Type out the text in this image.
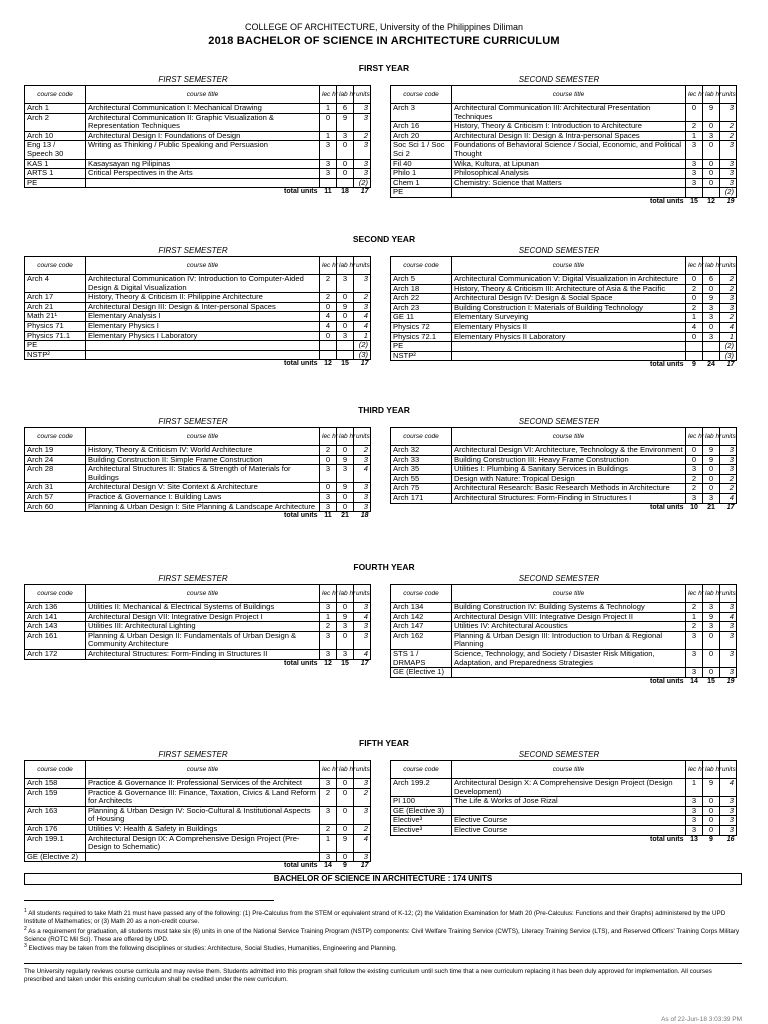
COLLEGE OF ARCHITECTURE, University of the Philippines Diliman
2018 BACHELOR OF SCIENCE IN ARCHITECTURE CURRICULUM
FIRST YEAR
FIRST SEMESTER	SECOND SEMESTER
course code	course title	lec hr	lab hr	units
Arch 1	Architectural Communication I: Mechanical Drawing	1	6	3
Arch 2	Architectural Communication II: Graphic Visualization & Representation Techniques	0	9	3
Arch 10	Architectural Design I: Foundations of Design	1	3	2
Eng 13 / Speech 30	Writing as Thinking / Public Speaking and Persuasion	3	0	3
KAS 1	Kasaysayan ng Pilipinas	3	0	3
ARTS 1	Critical Perspectives in the Arts	3	0	3
PE				(2)
	total units	11	18	17
course code	course title	lec hr	lab hr	units
Arch 3	Architectural Communication III: Architectural Presentation Techniques	0	9	3
Arch 16	History, Theory & Criticism I: Introduction to Architecture	2	0	2
Arch 20	Architectural Design II: Design & Intra-personal Spaces	1	3	2
Soc Sci 1 / Soc Sci 2	Foundations of Behavioral Science / Social, Economic, and Political Thought	3	0	3
Fil 40	Wika, Kultura, at Lipunan	3	0	3
Philo 1	Philosophical Analysis	3	0	3
Chem 1	Chemistry: Science that Matters	3	0	3
PE				(2)
	total units	15	12	19
SECOND YEAR
FIRST SEMESTER	SECOND SEMESTER
course code	course title	lec hr	lab hr	units
Arch 4	Architectural Communication IV: Introduction to Computer-Aided Design & Digital Visualization	2	3	3
Arch 17	History, Theory & Criticism II: Philippine Architecture	2	0	2
Arch 21	Architectural Design III: Design & Inter-personal Spaces	0	9	3
Math 21¹	Elementary Analysis I	4	0	4
Physics 71	Elementary Physics I	4	0	4
Physics 71.1	Elementary Physics I Laboratory	0	3	1
PE				(2)
NSTP²				(3)
	total units	12	15	17
course code	course title	lec hr	lab hr	units
Arch 5	Architectural Communication V: Digital Visualization in Architecture	0	6	2
Arch 18	History, Theory & Criticism III: Architecture of Asia & the Pacific	2	0	2
Arch 22	Architectural Design IV: Design & Social Space	0	9	3
Arch 23	Building Construction I: Materials of Building Technology	2	3	3
GE 11	Elementary Surveying	1	3	2
Physics 72	Elementary Physics II	4	0	4
Physics 72.1	Elementary Physics II Laboratory	0	3	1
PE				(2)
NSTP²				(3)
	total units	9	24	17
THIRD YEAR
FIRST SEMESTER	SECOND SEMESTER
course code	course title	lec hr	lab hr	units
Arch 19	History, Theory & Criticism IV: World Architecture	2	0	2
Arch 24	Building Construction II: Simple Frame Construction	0	9	3
Arch 28	Architectural Structures II: Statics & Strength of Materials for Buildings	3	3	4
Arch 31	Architectural Design V: Site Context & Architecture	0	9	3
Arch 57	Practice & Governance I: Building Laws	3	0	3
Arch 60	Planning & Urban Design I: Site Planning & Landscape Architecture	3	0	3
	total units	11	21	18
course code	course title	lec hr	lab hr	units
Arch 32	Architectural Design VI: Architecture, Technology & the Environment	0	9	3
Arch 33	Building Construction III: Heavy Frame Construction	0	9	3
Arch 35	Utilities I: Plumbing & Sanitary Services in Buildings	3	0	3
Arch 55	Design with Nature: Tropical Design	2	0	2
Arch 75	Architectural Research: Basic Research Methods in Architecture	2	0	2
Arch 171	Architectural Structures: Form-Finding in Structures I	3	3	4
	total units	10	21	17
FOURTH YEAR
FIRST SEMESTER	SECOND SEMESTER
course code	course title	lec hr	lab hr	units
Arch 136	Utilities II: Mechanical & Electrical Systems of Buildings	3	0	3
Arch 141	Architectural Design VII: Integrative Design Project I	1	9	4
Arch 143	Utilities III: Architectural Lighting	2	3	3
Arch 161	Planning & Urban Design II: Fundamentals of Urban Design & Community Architecture	3	0	3
Arch 172	Architectural Structures: Form-Finding in Structures II	3	3	4
	total units	12	15	17
course code	course title	lec hr	lab hr	units
Arch 134	Building Construction IV: Building Systems & Technology	2	3	3
Arch 142	Architectural Design VIII: Integrative Design Project II	1	9	4
Arch 147	Utilities IV: Architectural Acoustics	2	3	3
Arch 162	Planning & Urban Design III: Introduction to Urban & Regional Planning	3	0	3
STS 1 / DRMAPS	Science, Technology, and Society / Disaster Risk Mitigation, Adaptation, and Preparedness Strategies	3	0	3
GE (Elective 1)		3	0	3
	total units	14	15	19
FIFTH YEAR
FIRST SEMESTER	SECOND SEMESTER
course code	course title	lec hr	lab hr	units
Arch 158	Practice & Governance II: Professional Services of the Architect	3	0	3
Arch 159	Practice & Governance III: Finance, Taxation, Civics & Land Reform for Architects	2	0	2
Arch 163	Planning & Urban Design IV: Socio-Cultural & Institutional Aspects of Housing	3	0	3
Arch 176	Utilities V: Health & Safety in Buildings	2	0	2
Arch 199.1	Architectural Design IX: A Comprehensive Design Project (Pre-Design to Schematic)	1	9	4
GE (Elective 2)		3	0	3
	total units	14	9	17
course code	course title	lec hr	lab hr	units
Arch 199.2	Architectural Design X: A Comprehensive Design Project (Design Development)	1	9	4
PI 100	The Life & Works of Jose Rizal	3	0	3
GE (Elective 3)		3	0	3
Elective³	Elective Course	3	0	3
Elective³	Elective Course	3	0	3
	total units	13	9	16
BACHELOR OF SCIENCE IN ARCHITECTURE : 174 UNITS
$^1$ All students required to take Math 21 must have passed any of the following: (1) Pre-Calculus from the STEM or equivalent strand of K-12; (2) the Validation Examination for Math 20 (Pre-Calculus: Functions and their Graphs) administered by the UPD Institute of Mathematics; or (3) Math 20 as a non-credit course.
$^2$ As a requirement for graduation, all students must take six (6) units in one of the National Service Training Program (NSTP) components: Civil Welfare Training Service (CWTS), Literacy Training Service (LTS), and Reserved Officers' Training Corps Military Science (ROTC Mil Sci). These are offered by UPD.
$^3$ Electives may be taken from the following disciplines or studies: Architecture, Social Studies, Humanities, Engineering and Planning.
The University regularly reviews course curricula and may revise them. Students admitted into this program shall follow the existing curriculum until such time that a new curriculum replacing it has been duly approved for implementation. All courses prescribed and taken under this existing curriculum shall be credited under the new curriculum.
As of 22-Jun-18 3:03:39 PM
